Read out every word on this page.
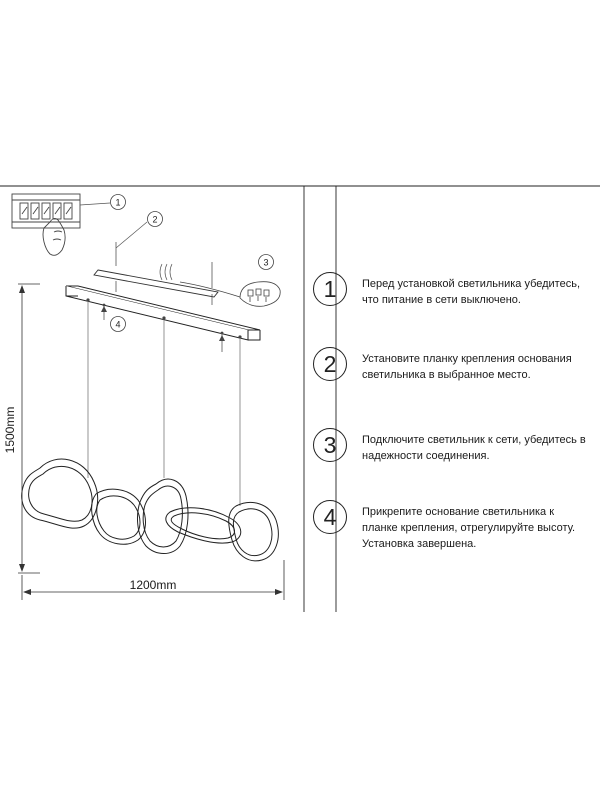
1
2
3
4
1500mm
1200mm
1	Перед установкой светильника убедитесь, что питание в сети выключено.
2	Установите планку крепления основания светильника в выбранное место.
3	Подключите светильник к сети, убедитесь в надежности соединения.
4	Прикрепите основание светильника к планке крепления, отрегулируйте высоту. Установка завершена.
